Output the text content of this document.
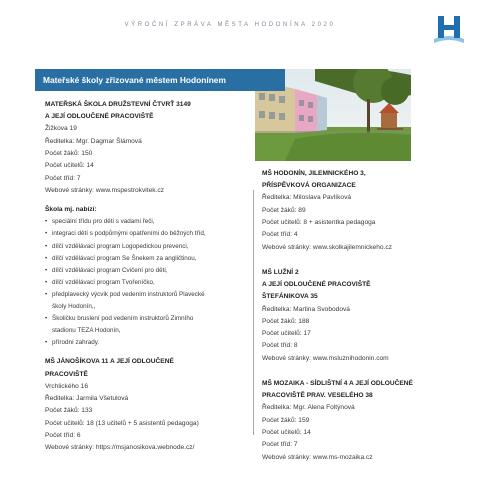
VÝROČNÍ ZPRÁVA MĚSTA HODONÍNA 2020
Mateřské školy zřizované městem Hodonínem
MATEŘSKÁ ŠKOLA DRUŽSTEVNÍ ČTVRŤ 3149
A JEJÍ ODLOUČENÉ PRACOVIŠTĚ
Žižkova 19
Ředitelka: Mgr. Dagmar Šlámová
Počet žáků: 150
Počet učitelů: 14
Počet tříd: 7
Webové stránky: www.mspestrokvitek.cz
Škola mj. nabízí:
• speciální třídu pro děti s vadami řeči,
• integraci dětí s podpůrnými opatřeními do běžných tříd,
• dílčí vzdělávací program Logopedickou prevenci,
• dílčí vzdělávací program Se Šnekem za angličtinou,
• dílčí vzdělávací program Cvičení pro děti,
• dílčí vzdělávací program Tvořeníčko,
• předplavecký výcvik pod vedením instruktorů Plavecké
školy Hodonín,,
• Školičku bruslení pod vedením instruktorů Zimního
stadionu TEZA Hodonín,
• přírodní zahrady.
MŠ JÁNOŠÍKOVA 11 A JEJÍ ODLOUČENÉ
PRACOVIŠTĚ
Vrchlického 16
Ředitelka: Jarmila Všetulová
Počet žáků: 133
Počet učitelů: 18 (13 učitelů + 5 asistentů pedagoga)
Počet tříd: 6
Webové stránky: https://msjanosikova.webnode.cz/
MŠ HODONÍN, JILEMNICKÉHO 3,
PŘÍSPĚVKOVÁ ORGANIZACE
Ředitelka: Miloslava Pavlíková
Počet žáků: 89
Počet učitelů: 8 + asistentka pedagoga
Počet tříd: 4
Webové stránky: www.skolkajilemnickeho.cz
MŠ LUŽNÍ 2
A JEJÍ ODLOUČENÉ PRACOVIŠTĚ
ŠTEFÁNIKOVA 35
Ředitelka: Martina Svobodová
Počet žáků: 188
Počet učitelů: 17
Počet tříd: 8
Webové stránky: www.msluznihodonin.com
MŠ MOZAIKA - SÍDLIŠTNÍ 4 A JEJÍ ODLOUČENÉ
PRACOVIŠTĚ PRAV. VESELÉHO 38
Ředitelka: Mgr. Alena Foltýnová
Počet žáků: 159
Počet učitelů: 14
Počet tříd: 7
Webové stránky: www.ms-mozaika.cz
